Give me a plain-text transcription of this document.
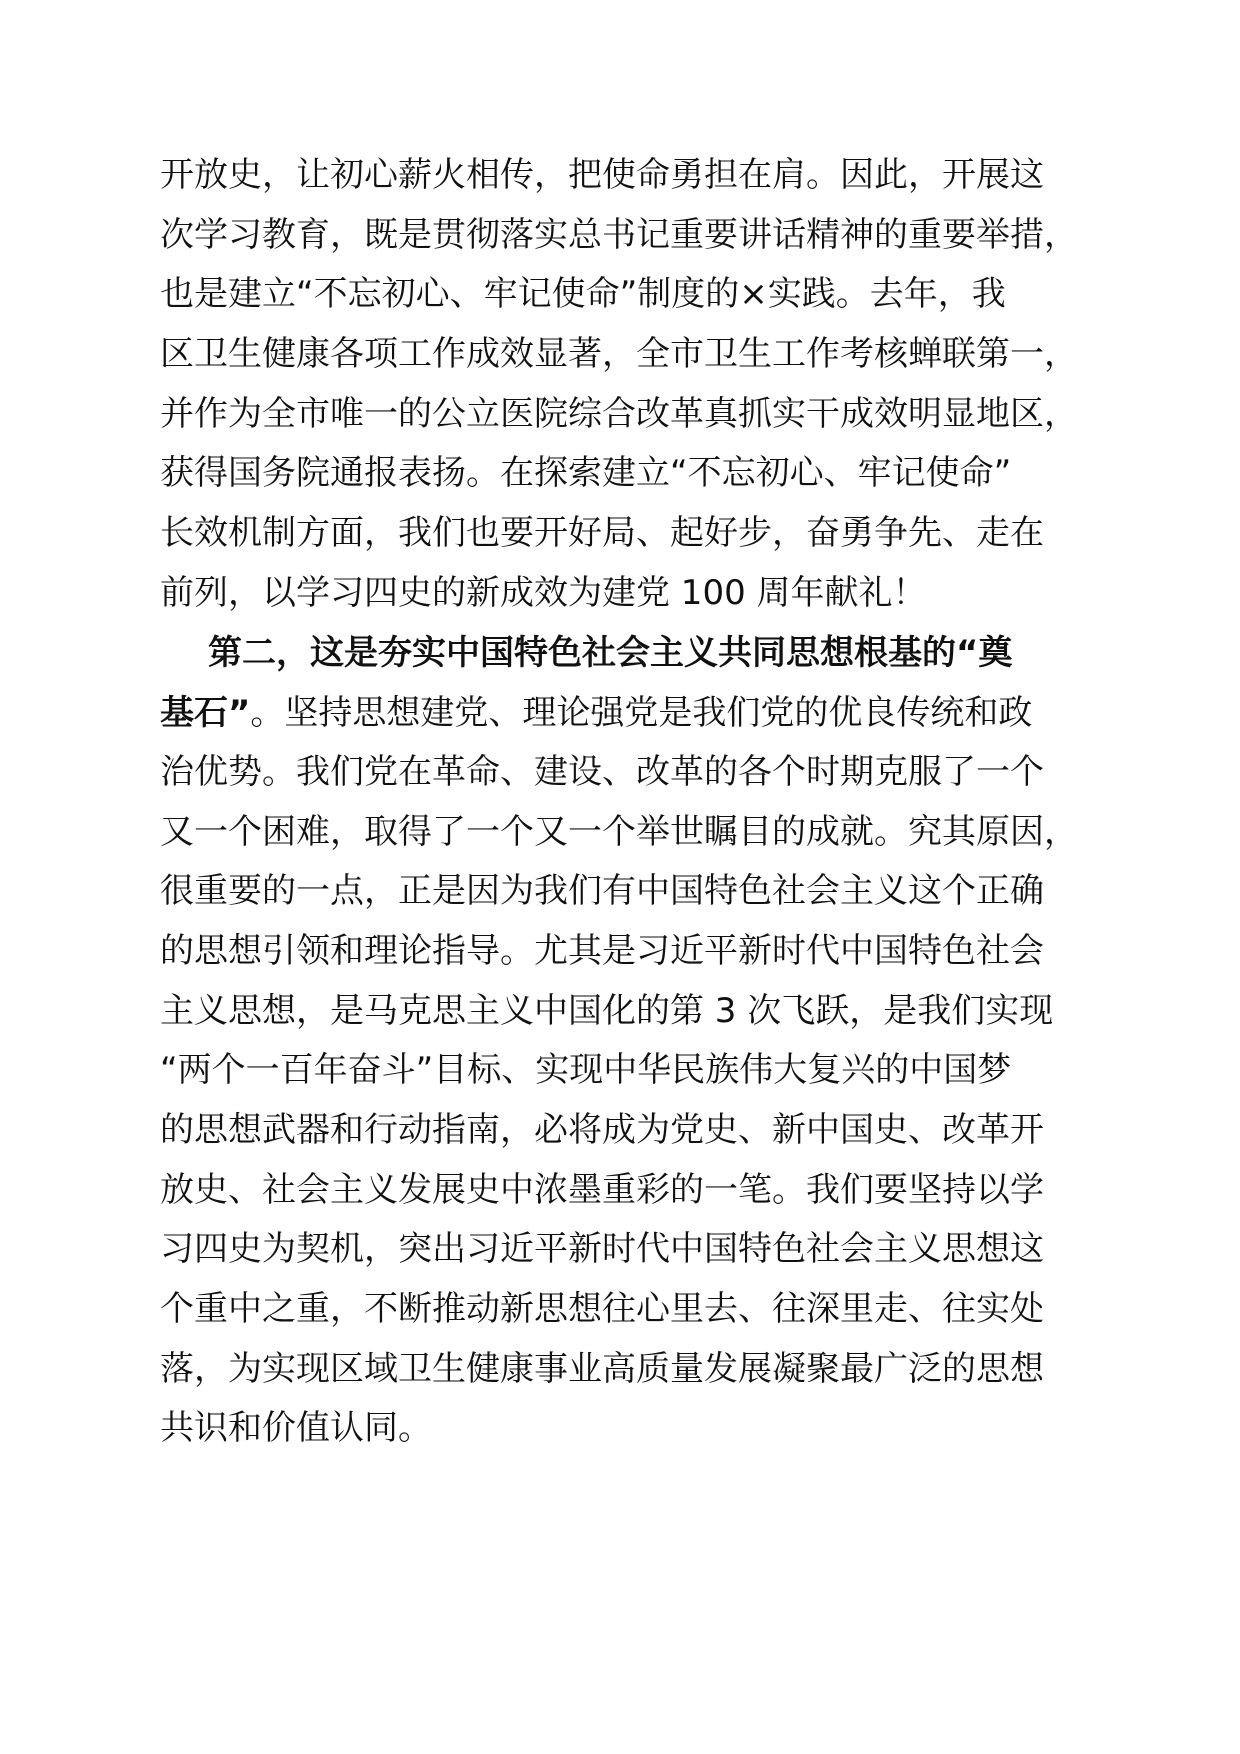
开放史，让初心薪火相传，把使命勇担在肩。因此，开展这
次学习教育，既是贯彻落实总书记重要讲话精神的重要举措，
也是建立“不忘初心、牢记使命”制度的×实践。去年，我
区卫生健康各项工作成效显著，全市卫生工作考核蝉联第一，
并作为全市唯一的公立医院综合改革真抓实干成效明显地区，
获得国务院通报表扬。在探索建立“不忘初心、牢记使命”
长效机制方面，我们也要开好局、起好步，奋勇争先、走在
前列，以学习四史的新成效为建党 100 周年献礼！
第二，这是夯实中国特色社会主义共同思想根基的“奠
基石”。坚持思想建党、理论强党是我们党的优良传统和政
治优势。我们党在革命、建设、改革的各个时期克服了一个
又一个困难，取得了一个又一个举世瞩目的成就。究其原因，
很重要的一点，正是因为我们有中国特色社会主义这个正确
的思想引领和理论指导。尤其是习近平新时代中国特色社会
主义思想，是马克思主义中国化的第 3 次飞跃，是我们实现
“两个一百年奋斗”目标、实现中华民族伟大复兴的中国梦
的思想武器和行动指南，必将成为党史、新中国史、改革开
放史、社会主义发展史中浓墨重彩的一笔。我们要坚持以学
习四史为契机，突出习近平新时代中国特色社会主义思想这
个重中之重，不断推动新思想往心里去、往深里走、往实处
落，为实现区域卫生健康事业高质量发展凝聚最广泛的思想
共识和价值认同。
